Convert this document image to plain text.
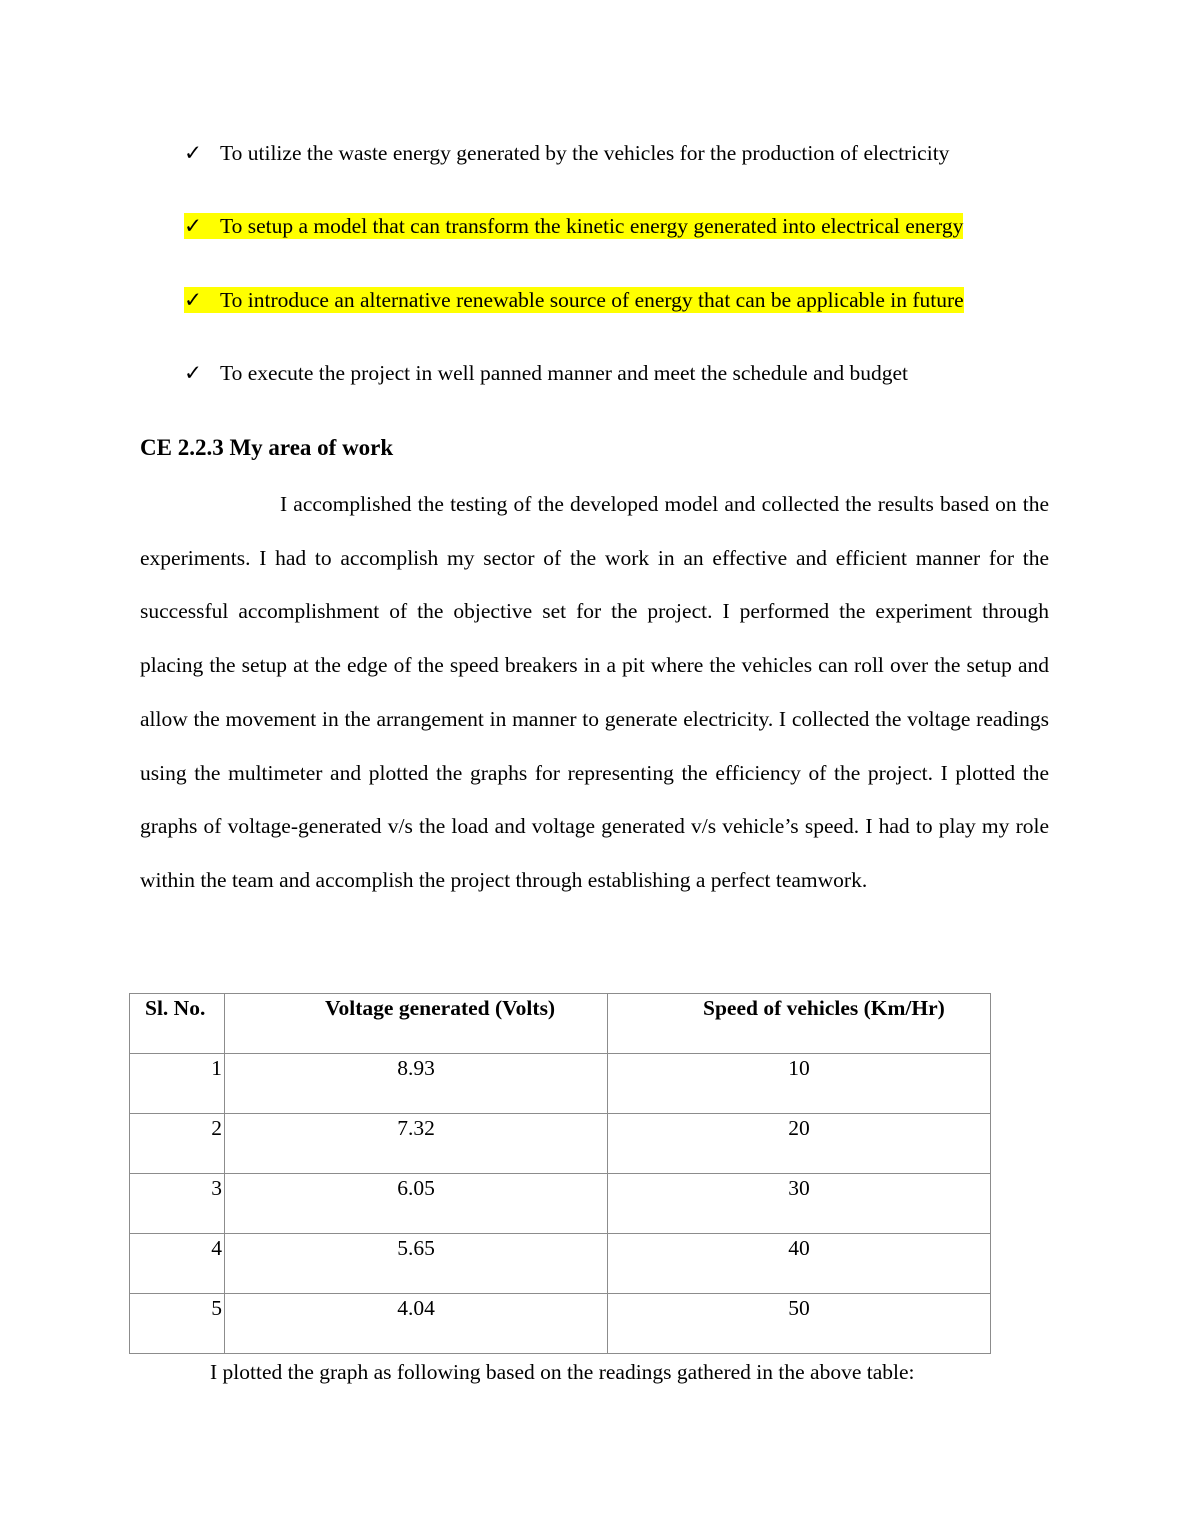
✓ To utilize the waste energy generated by the vehicles for the production of electricity
✓ To setup a model that can transform the kinetic energy generated into electrical energy
✓ To introduce an alternative renewable source of energy that can be applicable in future
✓ To execute the project in well panned manner and meet the schedule and budget
CE 2.2.3 My area of work

I accomplished the testing of the developed model and collected the results based on the experiments. I had to accomplish my sector of the work in an effective and efficient manner for the successful accomplishment of the objective set for the project. I performed the experiment through placing the setup at the edge of the speed breakers in a pit where the vehicles can roll over the setup and allow the movement in the arrangement in manner to generate electricity. I collected the voltage readings using the multimeter and plotted the graphs for representing the efficiency of the project. I plotted the graphs of voltage-generated v/s the load and voltage generated v/s vehicle’s speed. I had to play my role within the team and accomplish the project through establishing a perfect teamwork.

Sl. No.	Voltage generated (Volts)	Speed of vehicles (Km/Hr)
1	8.93	10
2	7.32	20
3	6.05	30
4	5.65	40
5	4.04	50
I plotted the graph as following based on the readings gathered in the above table:
